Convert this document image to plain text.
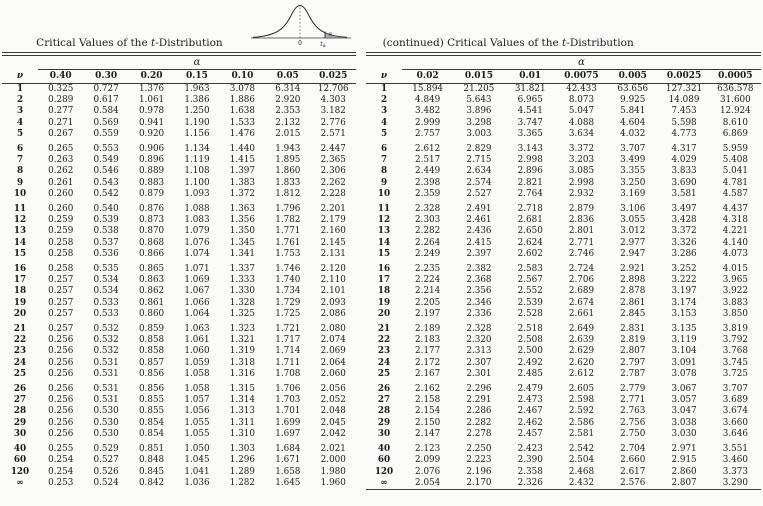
0	tα
α
Critical Values of the t-Distribution
	α						
ν	0.40	0.30	0.20	0.15	0.10	0.05	0.025
1	0.325	0.727	1.376	1.963	3.078	6.314	12.706
2	0.289	0.617	1.061	1.386	1.886	2.920	4.303
3	0.277	0.584	0.978	1.250	1.638	2.353	3.182
4	0.271	0.569	0.941	1.190	1.533	2.132	2.776
5	0.267	0.559	0.920	1.156	1.476	2.015	2.571
6	0.265	0.553	0.906	1.134	1.440	1.943	2.447
7	0.263	0.549	0.896	1.119	1.415	1.895	2.365
8	0.262	0.546	0.889	1.108	1.397	1.860	2.306
9	0.261	0.543	0.883	1.100	1.383	1.833	2.262
10	0.260	0.542	0.879	1.093	1.372	1.812	2.228
11	0.260	0.540	0.876	1.088	1.363	1.796	2.201
12	0.259	0.539	0.873	1.083	1.356	1.782	2.179
13	0.259	0.538	0.870	1.079	1.350	1.771	2.160
14	0.258	0.537	0.868	1.076	1.345	1.761	2.145
15	0.258	0.536	0.866	1.074	1.341	1.753	2.131
16	0.258	0.535	0.865	1.071	1.337	1.746	2.120
17	0.257	0.534	0.863	1.069	1.333	1.740	2.110
18	0.257	0.534	0.862	1.067	1.330	1.734	2.101
19	0.257	0.533	0.861	1.066	1.328	1.729	2.093
20	0.257	0.533	0.860	1.064	1.325	1.725	2.086
21	0.257	0.532	0.859	1.063	1.323	1.721	2.080
22	0.256	0.532	0.858	1.061	1.321	1.717	2.074
23	0.256	0.532	0.858	1.060	1.319	1.714	2.069
24	0.256	0.531	0.857	1.059	1.318	1.711	2.064
25	0.256	0.531	0.856	1.058	1.316	1.708	2.060
26	0.256	0.531	0.856	1.058	1.315	1.706	2.056
27	0.256	0.531	0.855	1.057	1.314	1.703	2.052
28	0.256	0.530	0.855	1.056	1.313	1.701	2.048
29	0.256	0.530	0.854	1.055	1.311	1.699	2.045
30	0.256	0.530	0.854	1.055	1.310	1.697	2.042
40	0.255	0.529	0.851	1.050	1.303	1.684	2.021
60	0.254	0.527	0.848	1.045	1.296	1.671	2.000
120	0.254	0.526	0.845	1.041	1.289	1.658	1.980
∞	0.253	0.524	0.842	1.036	1.282	1.645	1.960
(continued) Critical Values of the t-Distribution
	α						
ν	0.02	0.015	0.01	0.0075	0.005	0.0025	0.0005
1	15.894	21.205	31.821	42.433	63.656	127.321	636.578
2	4.849	5.643	6.965	8.073	9.925	14.089	31.600
3	3.482	3.896	4.541	5.047	5.841	7.453	12.924
4	2.999	3.298	3.747	4.088	4.604	5.598	8.610
5	2.757	3.003	3.365	3.634	4.032	4.773	6.869
6	2.612	2.829	3.143	3.372	3.707	4.317	5.959
7	2.517	2.715	2.998	3.203	3.499	4.029	5.408
8	2.449	2.634	2.896	3.085	3.355	3.833	5.041
9	2.398	2.574	2.821	2.998	3.250	3.690	4.781
10	2.359	2.527	2.764	2.932	3.169	3.581	4.587
11	2.328	2.491	2.718	2.879	3.106	3.497	4.437
12	2.303	2.461	2.681	2.836	3.055	3.428	4.318
13	2.282	2.436	2.650	2.801	3.012	3.372	4.221
14	2.264	2.415	2.624	2.771	2.977	3.326	4.140
15	2.249	2.397	2.602	2.746	2.947	3.286	4.073
16	2.235	2.382	2.583	2.724	2.921	3.252	4.015
17	2.224	2.368	2.567	2.706	2.898	3.222	3.965
18	2.214	2.356	2.552	2.689	2.878	3.197	3.922
19	2.205	2.346	2.539	2.674	2.861	3.174	3.883
20	2.197	2.336	2.528	2.661	2.845	3.153	3.850
21	2.189	2.328	2.518	2.649	2.831	3.135	3.819
22	2.183	2.320	2.508	2.639	2.819	3.119	3.792
23	2.177	2.313	2.500	2.629	2.807	3.104	3.768
24	2.172	2.307	2.492	2.620	2.797	3.091	3.745
25	2.167	2.301	2.485	2.612	2.787	3.078	3.725
26	2.162	2.296	2.479	2.605	2.779	3.067	3.707
27	2.158	2.291	2.473	2.598	2.771	3.057	3.689
28	2.154	2.286	2.467	2.592	2.763	3.047	3.674
29	2.150	2.282	2.462	2.586	2.756	3.038	3.660
30	2.147	2.278	2.457	2.581	2.750	3.030	3.646
40	2.123	2.250	2.423	2.542	2.704	2.971	3.551
60	2.099	2.223	2.390	2.504	2.660	2.915	3.460
120	2.076	2.196	2.358	2.468	2.617	2.860	3.373
∞	2.054	2.170	2.326	2.432	2.576	2.807	3.290
